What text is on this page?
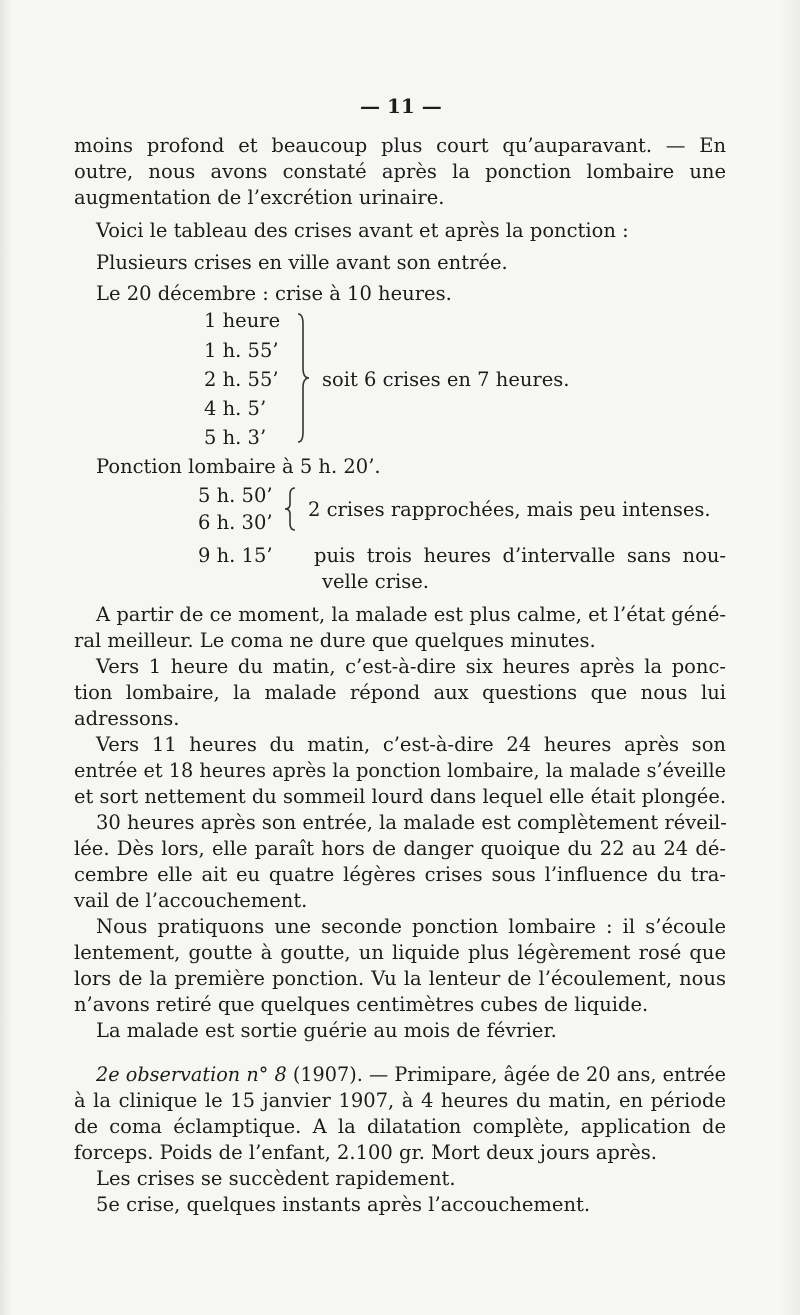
— 11 —
moins profond et beaucoup plus court qu’auparavant. — En
outre, nous avons constaté après la ponction lombaire une
augmentation de l’excrétion urinaire.
Voici le tableau des crises avant et après la ponction :
Plusieurs crises en ville avant son entrée.
Le 20 décembre : crise à 10 heures.
1 heure
1 h. 55’
2 h. 55’
4 h. 5’
5 h. 3’
soit 6 crises en 7 heures.
Ponction lombaire à 5 h. 20’.
5 h. 50’
6 h. 30’
2 crises rapprochées, mais peu intenses.
9 h. 15’ puis trois heures d’intervalle sans nou-
velle crise.
A partir de ce moment, la malade est plus calme, et l’état géné-
ral meilleur. Le coma ne dure que quelques minutes.
Vers 1 heure du matin, c’est-à-dire six heures après la ponc-
tion lombaire, la malade répond aux questions que nous lui
adressons.
Vers 11 heures du matin, c’est-à-dire 24 heures après son
entrée et 18 heures après la ponction lombaire, la malade s’éveille
et sort nettement du sommeil lourd dans lequel elle était plongée.
30 heures après son entrée, la malade est complètement réveil-
lée. Dès lors, elle paraît hors de danger quoique du 22 au 24 dé-
cembre elle ait eu quatre légères crises sous l’influence du tra-
vail de l’accouchement.
Nous pratiquons une seconde ponction lombaire : il s’écoule
lentement, goutte à goutte, un liquide plus légèrement rosé que
lors de la première ponction. Vu la lenteur de l’écoulement, nous
n’avons retiré que quelques centimètres cubes de liquide.
La malade est sortie guérie au mois de février.
2e observation n° 8 (1907). — Primipare, âgée de 20 ans, entrée
à la clinique le 15 janvier 1907, à 4 heures du matin, en période
de coma éclamptique. A la dilatation complète, application de
forceps. Poids de l’enfant, 2.100 gr. Mort deux jours après.
Les crises se succèdent rapidement.
5e crise, quelques instants après l’accouchement.
